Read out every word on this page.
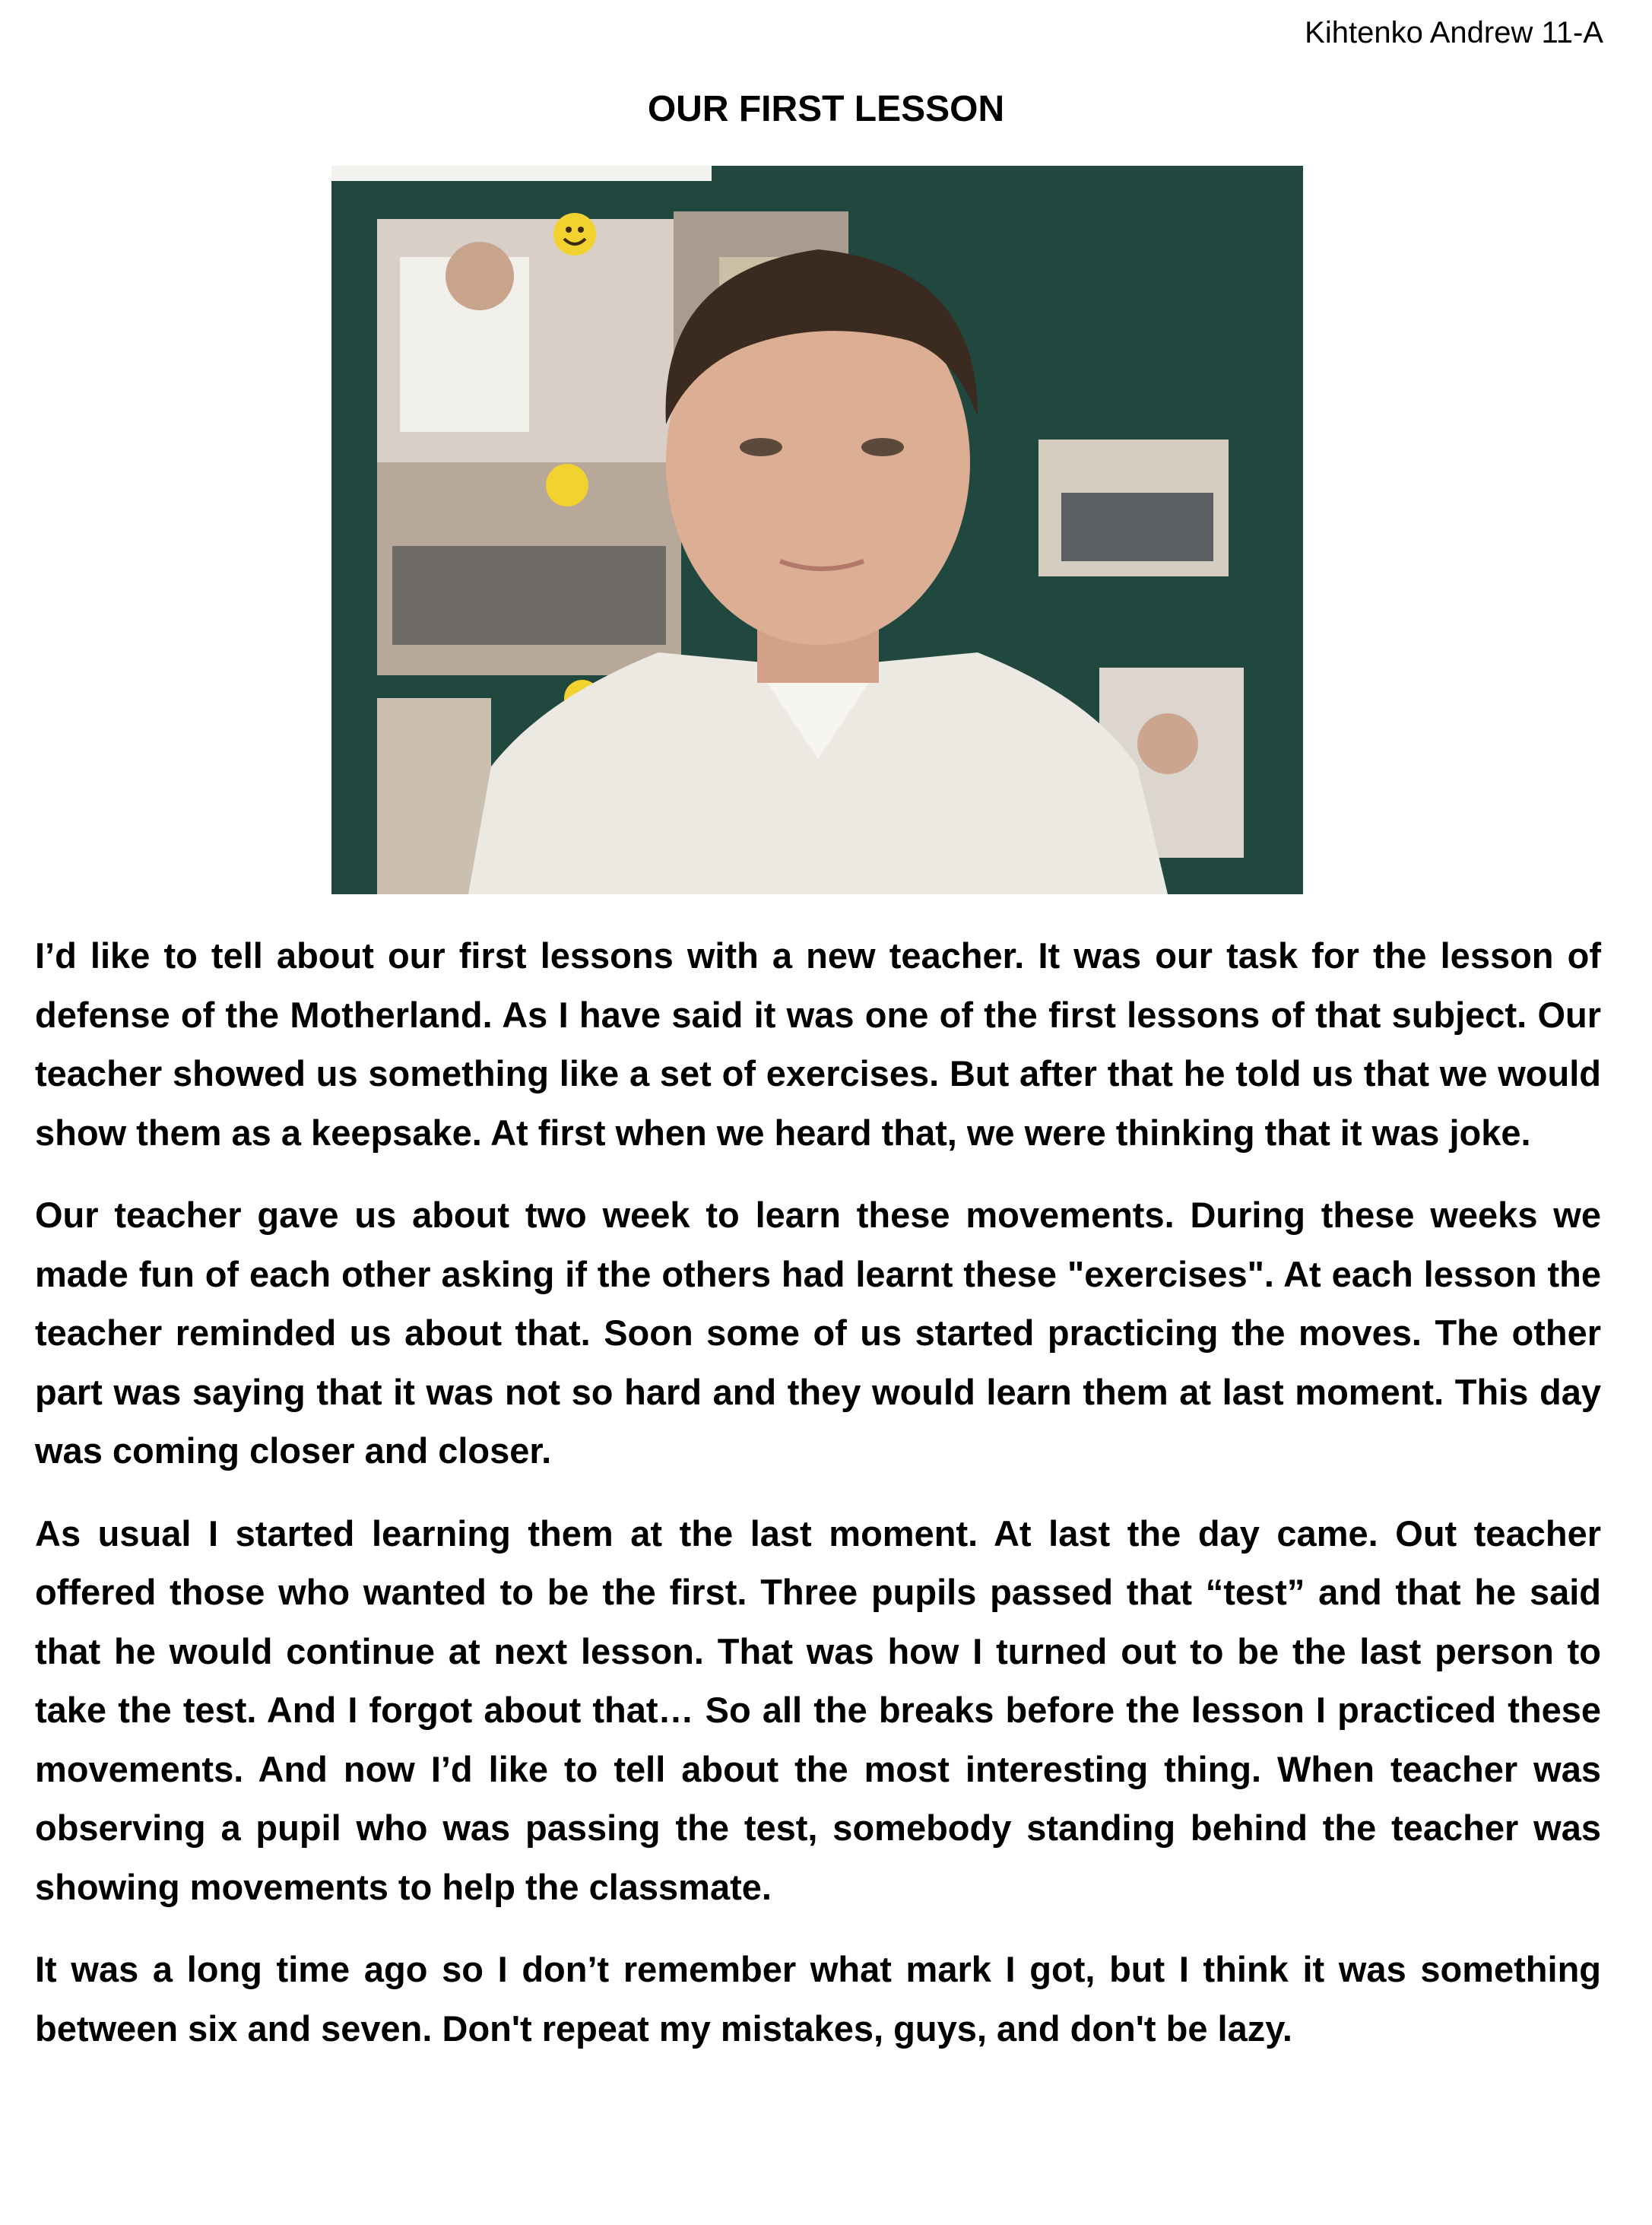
Kihtenko Andrew 11-A
OUR FIRST LESSON

I’d like to tell about our first lessons with a new teacher. It was our task for the lesson of defense of the Motherland. As I have said it was one of the first lessons of that subject. Our teacher showed us something like a set of exercises. But after that he told us that we would show them as a keepsake. At first when we heard that, we were thinking that it was joke.

Our teacher gave us about two week to learn these movements. During these weeks we made fun of each other asking if the others had learnt these "exercises". At each lesson the teacher reminded us about that. Soon some of us started practicing the moves. The other part was saying that it was not so hard and they would learn them at last moment. This day was coming closer and closer.

As usual I started learning them at the last moment. At last the day came. Out teacher offered those who wanted to be the first. Three pupils passed that “test” and that he said that he would continue at next lesson. That was how I turned out to be the last person to take the test. And I forgot about that… So all the breaks before the lesson I practiced these movements. And now I’d like to tell about the most interesting thing. When teacher was observing a pupil who was passing the test, somebody standing behind the teacher was showing movements to help the classmate.

It was a long time ago so I don’t remember what mark I got, but I think it was something between six and seven. Don't repeat my mistakes, guys, and don't be lazy.
